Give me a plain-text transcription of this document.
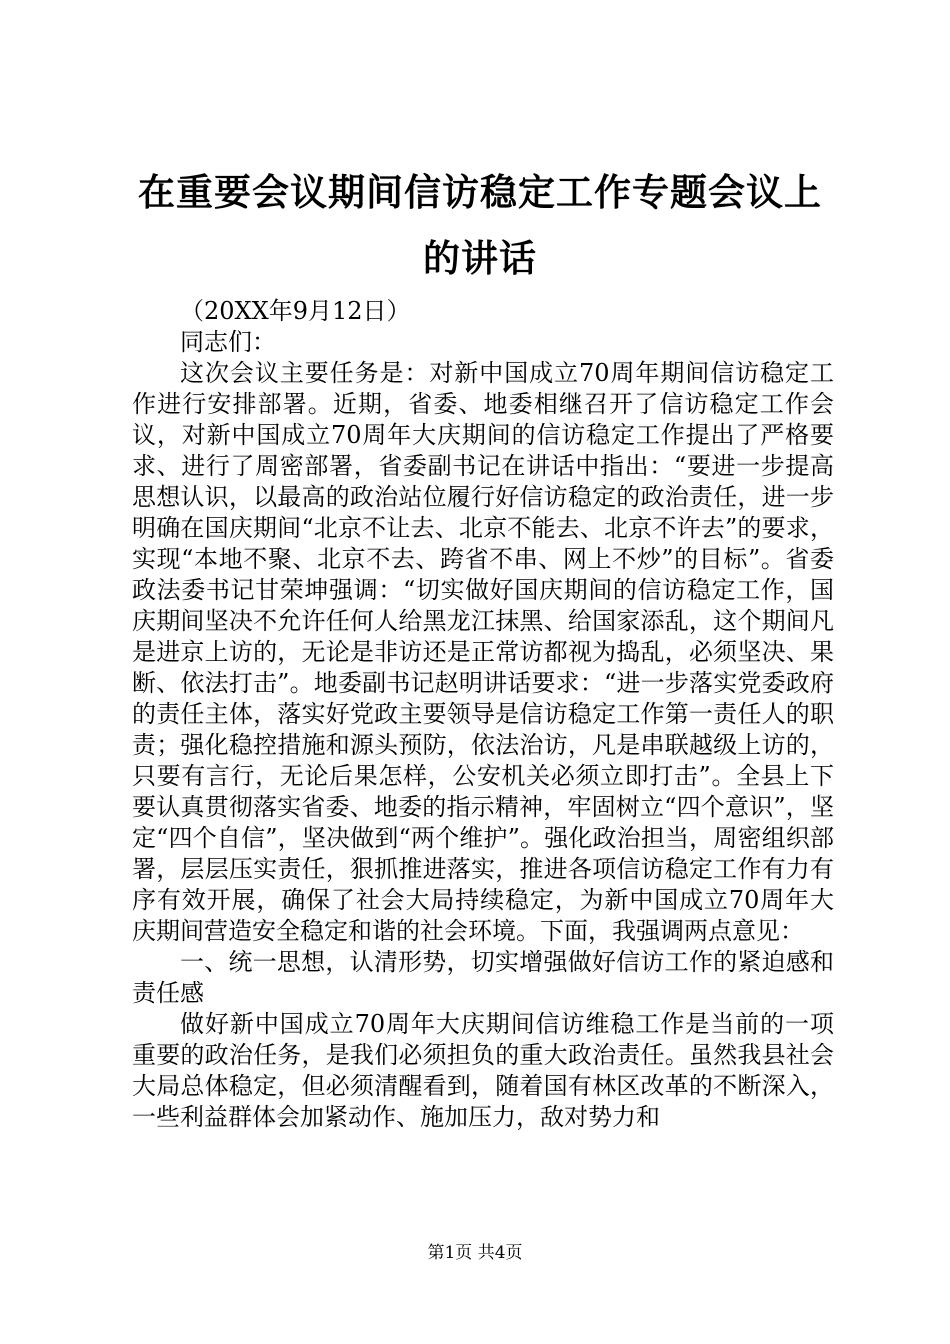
在重要会议期间信访稳定工作专题会议上的讲话

（20XX年9月12日）

同志们：

这次会议主要任务是：对新中国成立70周年期间信访稳定工作进行安排部署。近期，省委、地委相继召开了信访稳定工作会议，对新中国成立70周年大庆期间的信访稳定工作提出了严格要求、进行了周密部署，省委副书记在讲话中指出：“要进一步提高思想认识，以最高的政治站位履行好信访稳定的政治责任，进一步明确在国庆期间“北京不让去、北京不能去、北京不许去”的要求，实现“本地不聚、北京不去、跨省不串、网上不炒”的目标”。省委政法委书记甘荣坤强调：“切实做好国庆期间的信访稳定工作，国庆期间坚决不允许任何人给黑龙江抹黑、给国家添乱，这个期间凡是进京上访的，无论是非访还是正常访都视为捣乱，必须坚决、果断、依法打击”。地委副书记赵明讲话要求：“进一步落实党委政府的责任主体，落实好党政主要领导是信访稳定工作第一责任人的职责；强化稳控措施和源头预防，依法治访，凡是串联越级上访的，只要有言行，无论后果怎样，公安机关必须立即打击”。全县上下要认真贯彻落实省委、地委的指示精神，牢固树立“四个意识”，坚定“四个自信”，坚决做到“两个维护”。强化政治担当，周密组织部署，层层压实责任，狠抓推进落实，推进各项信访稳定工作有力有序有效开展，确保了社会大局持续稳定，为新中国成立70周年大庆期间营造安全稳定和谐的社会环境。下面，我强调两点意见：

一、统一思想，认清形势，切实增强做好信访工作的紧迫感和责任感

做好新中国成立70周年大庆期间信访维稳工作是当前的一项重要的政治任务，是我们必须担负的重大政治责任。虽然我县社会大局总体稳定，但必须清醒看到，随着国有林区改革的不断深入，一些利益群体会加紧动作、施加压力，敌对势力和

第1页 共4页
